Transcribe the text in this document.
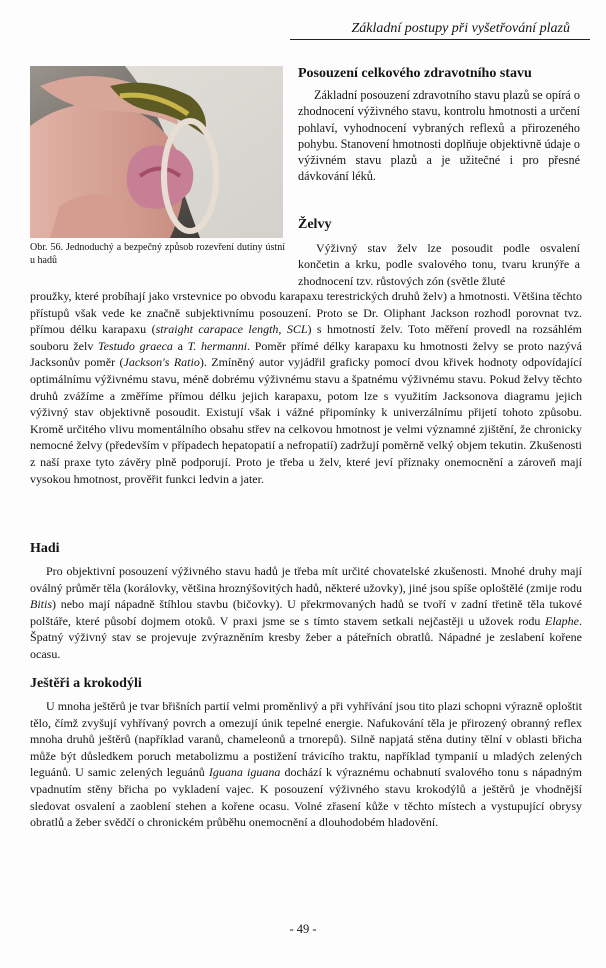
Základní postupy při vyšetřování plazů

Obr. 56. Jednoduchý a bezpečný způsob rozevření dutiny ústní u hadů

Posouzení celkového zdravotního stavu

Základní posouzení zdravotního stavu plazů se opírá o zhodnocení výživného stavu, kontrolu hmotnosti a určení pohlaví, vyhodnocení vybraných reflexů a přirozeného pohybu. Stanovení hmotnosti doplňuje objektivně údaje o výživném stavu plazů a je užitečné i pro přesné dávkování léků.

Želvy

Výživný stav želv lze posoudit podle osvalení končetin a krku, podle svalového tonu, tvaru krunýře a zhodnocení tzv. růstových zón (světle žluté

proužky, které probíhají jako vrstevnice po obvodu karapaxu terestrických druhů želv) a hmotnosti. Většina těchto přístupů však vede ke značně subjektivnímu posouzení. Proto se Dr. Oliphant Jackson rozhodl porovnat tvz. přímou délku karapaxu (straight carapace length, SCL) s hmotností želv. Toto měření provedl na rozsáhlém souboru želv Testudo graeca a T. hermanni. Poměr přímé délky karapaxu ku hmotnosti želvy se proto nazývá Jacksonův poměr (Jackson's Ratio). Zmíněný autor vyjádřil graficky pomocí dvou křivek hodnoty odpovídající optimálnímu výživnému stavu, méně dobrému výživnému stavu a špatnému výživnému stavu. Pokud želvy těchto druhů zvážíme a změříme přímou délku jejich karapaxu, potom lze s využitím Jacksonova diagramu jejich výživný stav objektivně posoudit. Existují však i vážné připomínky k univerzálnímu přijetí tohoto způsobu. Kromě určitého vlivu momentálního obsahu střev na celkovou hmotnost je velmi významné zjištění, že chronicky nemocné želvy (především v případech hepatopatií a nefropatií) zadržují poměrně velký objem tekutin. Zkušenosti z naší praxe tyto závěry plně podporují. Proto je třeba u želv, které jeví příznaky onemocnění a zároveň mají vysokou hmotnost, prověřit funkci ledvin a jater.

Hadi

Pro objektivní posouzení výživného stavu hadů je třeba mít určité chovatelské zkušenosti. Mnohé druhy mají oválný průměr těla (korálovky, většina hroznýšovitých hadů, některé užovky), jiné jsou spíše oploštělé (zmije rodu Bitis) nebo mají nápadně štíhlou stavbu (bičovky). U překrmovaných hadů se tvoří v zadní třetině těla tukové polštáře, které působí dojmem otoků. V praxi jsme se s tímto stavem setkali nejčastěji u užovek rodu Elaphe. Špatný výživný stav se projevuje zvýrazněním kresby žeber a páteřních obratlů. Nápadné je zeslabení kořene ocasu.

Ještěři a krokodýli

U mnoha ještěrů je tvar břišních partií velmi proměnlivý a při vyhřívání jsou tito plazi schopni výrazně oploštit tělo, čímž zvyšují vyhřívaný povrch a omezují únik tepelné energie. Nafukování těla je přirozený obranný reflex mnoha druhů ještěrů (například varanů, chameleonů a trnorepů). Silně napjatá stěna dutiny tělní v oblasti břicha může být důsledkem poruch metabolizmu a postižení trávicího traktu, například tympanií u mladých zelených leguánů. U samic zelených leguánů Iguana iguana dochází k výraznému ochabnutí svalového tonu s nápadným vpadnutím stěny břicha po vykladení vajec. K posouzení výživného stavu krokodýlů a ještěrů je vhodnější sledovat osvalení a zaoblení stehen a kořene ocasu. Volné zřasení kůže v těchto místech a vystupující obrysy obratlů a žeber svědčí o chronickém průběhu onemocnění a dlouhodobém hladovění.

- 49 -
